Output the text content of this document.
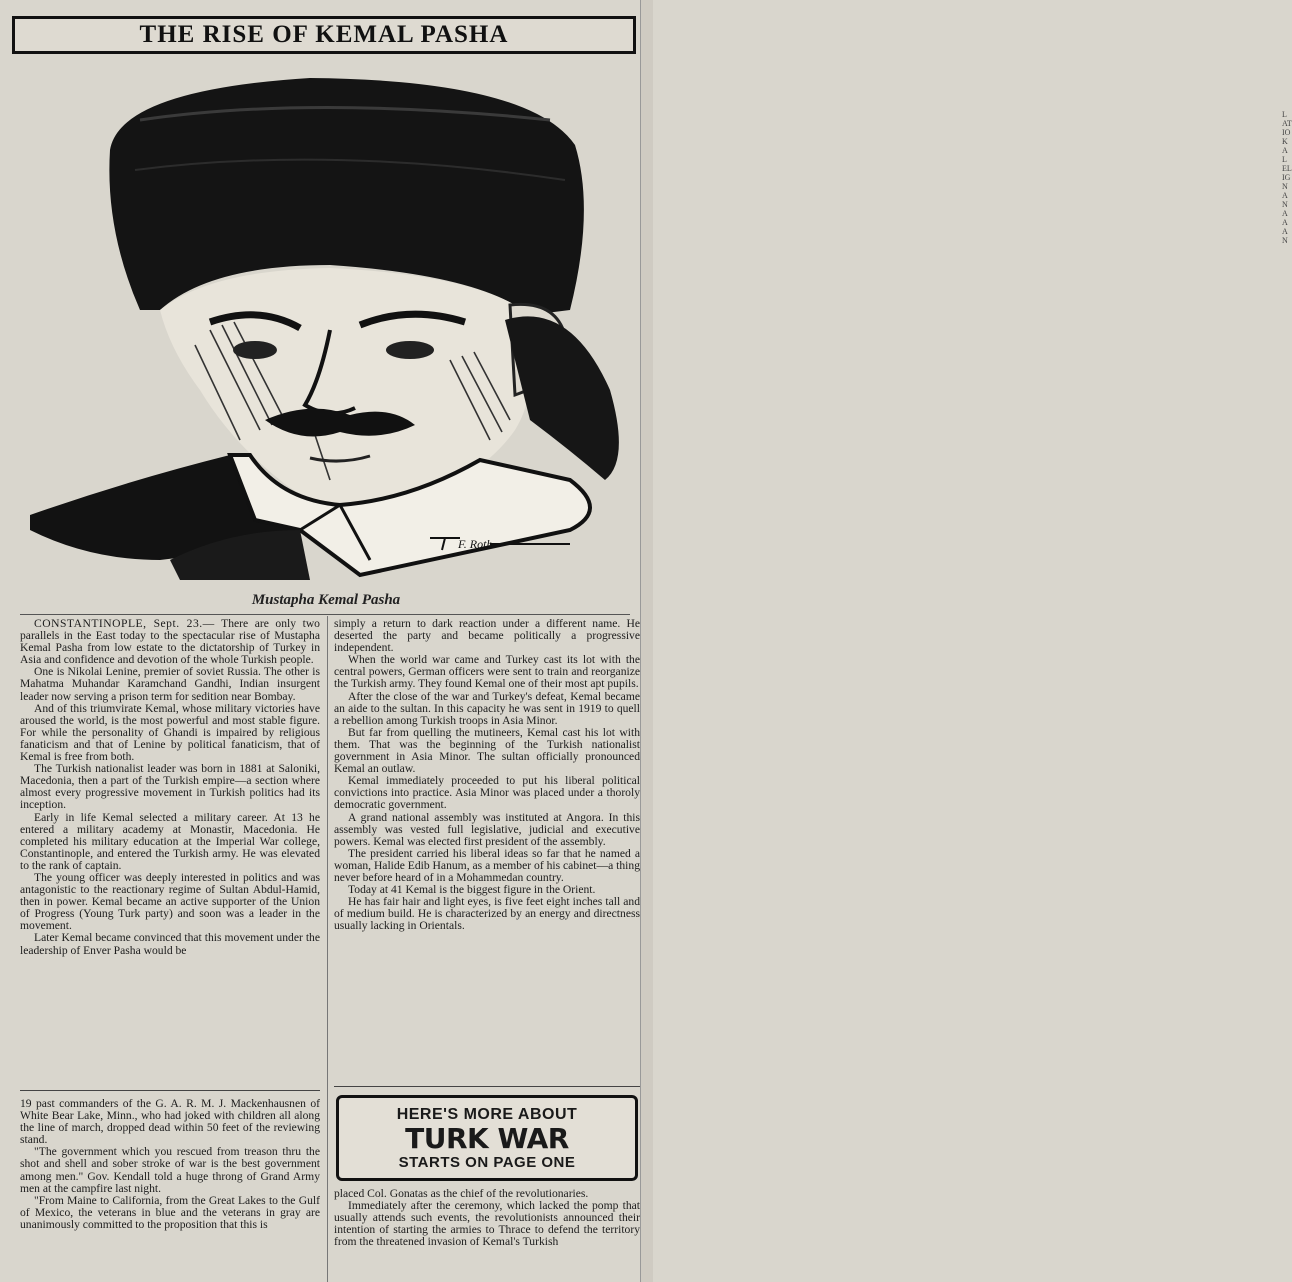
LATIOKAL ELIGNANAAAN
THE RISE OF KEMAL PASHA
F. Roth
Mustapha Kemal Pasha

CONSTANTINOPLE, Sept. 23.— There are only two parallels in the East today to the spectacular rise of Mustapha Kemal Pasha from low estate to the dictatorship of Turkey in Asia and confidence and devotion of the whole Turkish people.

One is Nikolai Lenine, premier of soviet Russia. The other is Mahatma Muhandar Karamchand Gandhi, Indian insurgent leader now serving a prison term for sedition near Bombay.

And of this triumvirate Kemal, whose military victories have aroused the world, is the most powerful and most stable figure. For while the personality of Ghandi is impaired by religious fanaticism and that of Lenine by political fanaticism, that of Kemal is free from both.

The Turkish nationalist leader was born in 1881 at Saloniki, Macedonia, then a part of the Turkish empire—a section where almost every progressive movement in Turkish politics had its inception.

Early in life Kemal selected a military career. At 13 he entered a military academy at Monastir, Macedonia. He completed his military education at the Imperial War college, Constantinople, and entered the Turkish army. He was elevated to the rank of captain.

The young officer was deeply interested in politics and was antagonistic to the reactionary regime of Sultan Abdul-Hamid, then in power. Kemal became an active supporter of the Union of Progress (Young Turk party) and soon was a leader in the movement.

Later Kemal became convinced that this movement under the leadership of Enver Pasha would be

simply a return to dark reaction under a different name. He deserted the party and became politically a progressive independent.

When the world war came and Turkey cast its lot with the central powers, German officers were sent to train and reorganize the Turkish army. They found Kemal one of their most apt pupils.

After the close of the war and Turkey's defeat, Kemal became an aide to the sultan. In this capacity he was sent in 1919 to quell a rebellion among Turkish troops in Asia Minor.

But far from quelling the mutineers, Kemal cast his lot with them. That was the beginning of the Turkish nationalist government in Asia Minor. The sultan officially pronounced Kemal an outlaw.

Kemal immediately proceeded to put his liberal political convictions into practice. Asia Minor was placed under a thoroly democratic government.

A grand national assembly was instituted at Angora. In this assembly was vested full legislative, judicial and executive powers. Kemal was elected first president of the assembly.

The president carried his liberal ideas so far that he named a woman, Halide Edib Hanum, as a member of his cabinet—a thing never before heard of in a Mohammedan country.

Today at 41 Kemal is the biggest figure in the Orient.

He has fair hair and light eyes, is five feet eight inches tall and of medium build. He is characterized by an energy and directness usually lacking in Orientals.

19 past commanders of the G. A. R. M. J. Mackenhausnen of White Bear Lake, Minn., who had joked with children all along the line of march, dropped dead within 50 feet of the reviewing stand.

"The government which you rescued from treason thru the shot and shell and sober stroke of war is the best government among men." Gov. Kendall told a huge throng of Grand Army men at the campfire last night.

"From Maine to California, from the Great Lakes to the Gulf of Mexico, the veterans in blue and the veterans in gray are unanimously committed to the proposition that this is

HERE'S MORE ABOUT
TURK WAR
STARTS ON PAGE ONE

placed Col. Gonatas as the chief of the revolutionaries.

Immediately after the ceremony, which lacked the pomp that usually attends such events, the revolutionists announced their intention of starting the armies to Thrace to defend the territory from the threatened invasion of Kemal's Turkish
